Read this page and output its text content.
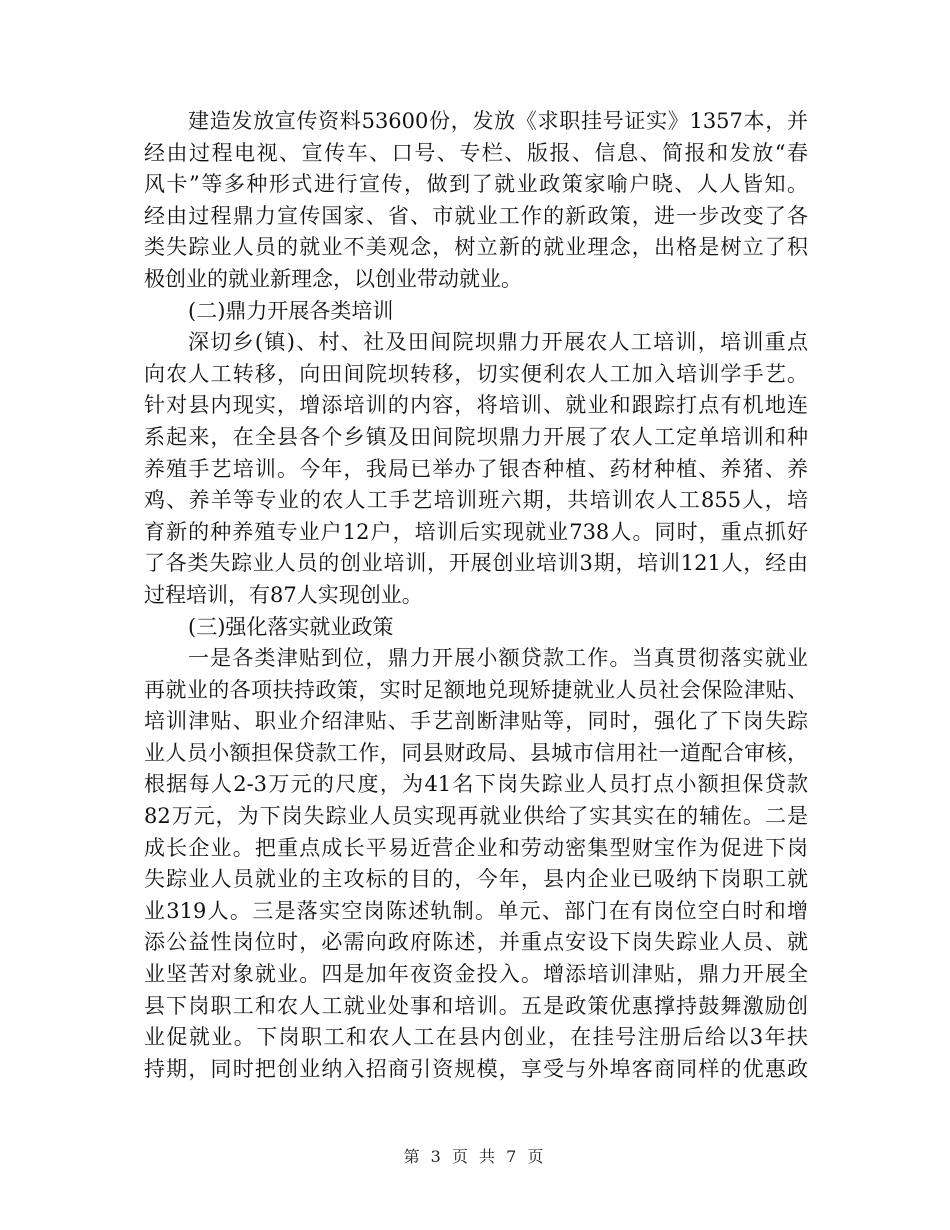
建造发放宣传资料53600份，发放《求职挂号证实》1357本，并
经由过程电视、宣传车、口号、专栏、版报、信息、简报和发放“春
风卡”等多种形式进行宣传，做到了就业政策家喻户晓、人人皆知。
经由过程鼎力宣传国家、省、市就业工作的新政策，进一步改变了各
类失踪业人员的就业不美观念，树立新的就业理念，出格是树立了积
极创业的就业新理念，以创业带动就业。
(二)鼎力开展各类培训
深切乡(镇)、村、社及田间院坝鼎力开展农人工培训，培训重点
向农人工转移，向田间院坝转移，切实便利农人工加入培训学手艺。
针对县内现实，增添培训的内容，将培训、就业和跟踪打点有机地连
系起来，在全县各个乡镇及田间院坝鼎力开展了农人工定单培训和种
养殖手艺培训。今年，我局已举办了银杏种植、药材种植、养猪、养
鸡、养羊等专业的农人工手艺培训班六期，共培训农人工855人，培
育新的种养殖专业户12户，培训后实现就业738人。同时，重点抓好
了各类失踪业人员的创业培训，开展创业培训3期，培训121人，经由
过程培训，有87人实现创业。
(三)强化落实就业政策
一是各类津贴到位，鼎力开展小额贷款工作。当真贯彻落实就业
再就业的各项扶持政策，实时足额地兑现矫捷就业人员社会保险津贴、
培训津贴、职业介绍津贴、手艺剖断津贴等，同时，强化了下岗失踪
业人员小额担保贷款工作，同县财政局、县城市信用社一道配合审核，
根据每人2-3万元的尺度，为41名下岗失踪业人员打点小额担保贷款
82万元，为下岗失踪业人员实现再就业供给了实其实在的辅佐。二是
成长企业。把重点成长平易近营企业和劳动密集型财宝作为促进下岗
失踪业人员就业的主攻标的目的，今年，县内企业已吸纳下岗职工就
业319人。三是落实空岗陈述轨制。单元、部门在有岗位空白时和增
添公益性岗位时，必需向政府陈述，并重点安设下岗失踪业人员、就
业坚苦对象就业。四是加年夜资金投入。增添培训津贴，鼎力开展全
县下岗职工和农人工就业处事和培训。五是政策优惠撑持鼓舞激励创
业促就业。下岗职工和农人工在县内创业，在挂号注册后给以3年扶
持期，同时把创业纳入招商引资规模，享受与外埠客商同样的优惠政
第 3 页 共 7 页
